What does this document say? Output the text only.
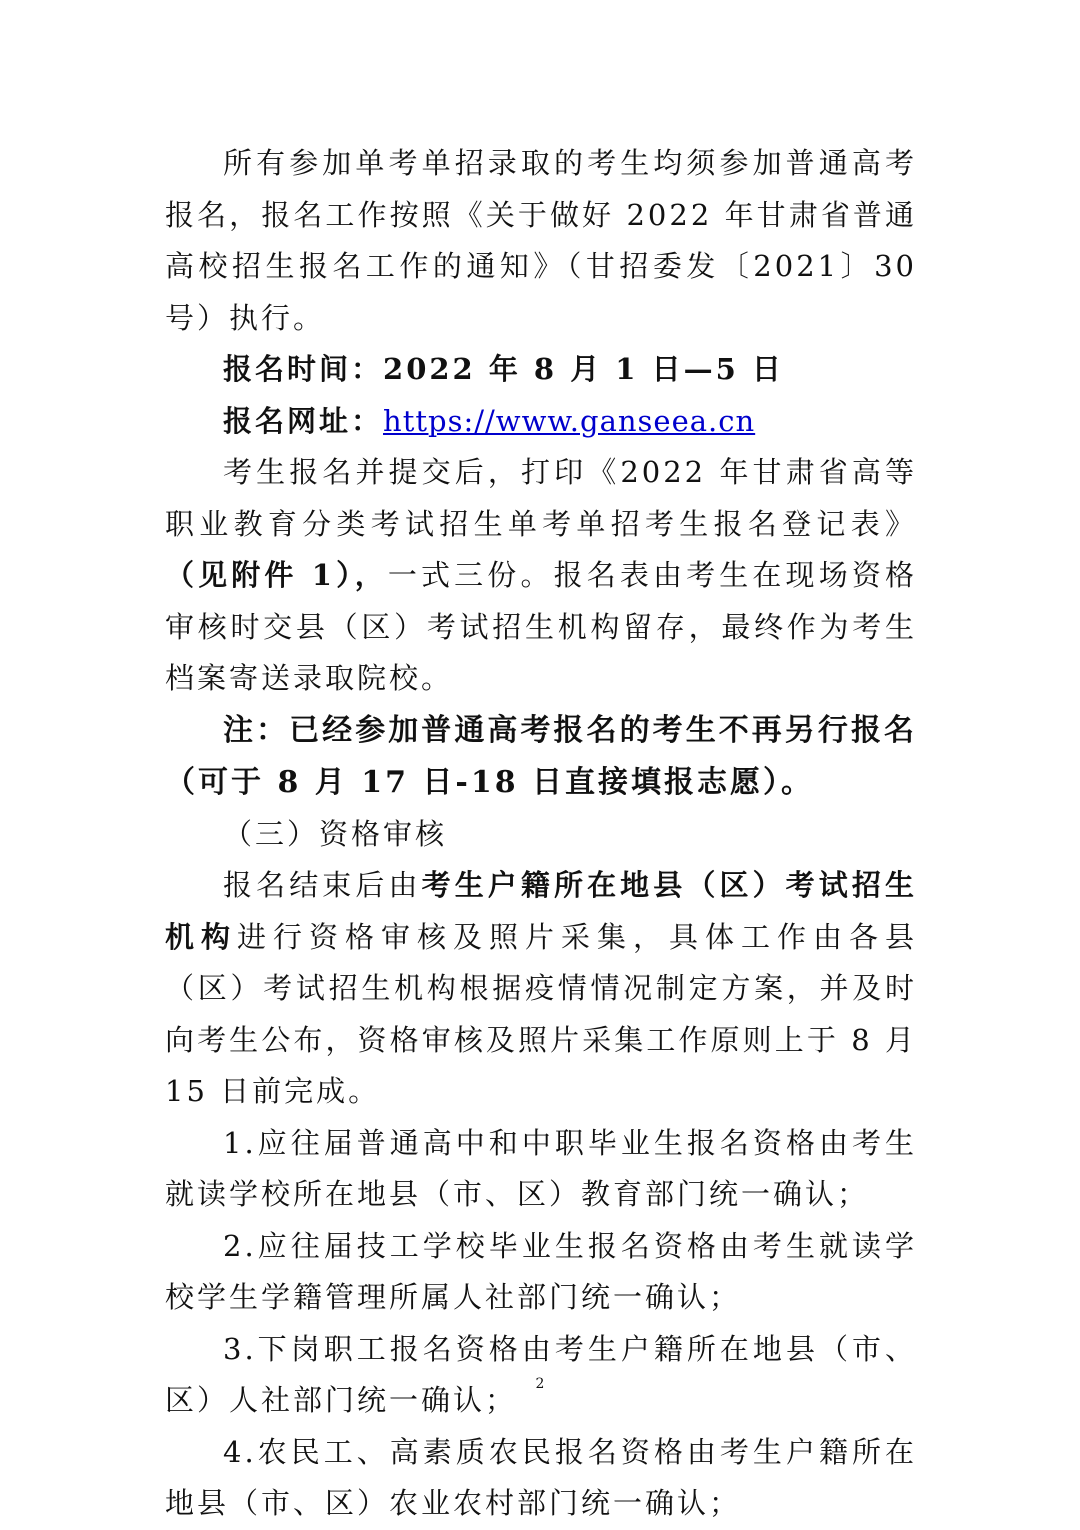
所有参加单考单招录取的考生均须参加普通高考报名，报名工作按照《关于做好 2022 年甘肃省普通高校招生报名工作的通知》（甘招委发〔2021〕30 号）执行。

报名时间：2022 年 8 月 1 日—5 日

报名网址：https://www.ganseea.cn

考生报名并提交后，打印《2022 年甘肃省高等职业教育分类考试招生单考单招考生报名登记表》（见附件 1），一式三份。报名表由考生在现场资格审核时交县（区）考试招生机构留存，最终作为考生档案寄送录取院校。

注：已经参加普通高考报名的考生不再另行报名（可于 8 月 17 日-18 日直接填报志愿）。

（三）资格审核

报名结束后由考生户籍所在地县（区）考试招生机构进行资格审核及照片采集，具体工作由各县（区）考试招生机构根据疫情情况制定方案，并及时向考生公布，资格审核及照片采集工作原则上于 8 月 15 日前完成。

1.应往届普通高中和中职毕业生报名资格由考生就读学校所在地县（市、区）教育部门统一确认；

2.应往届技工学校毕业生报名资格由考生就读学校学生学籍管理所属人社部门统一确认；

3.下岗职工报名资格由考生户籍所在地县（市、区）人社部门统一确认；

4.农民工、高素质农民报名资格由考生户籍所在地县（市、区）农业农村部门统一确认；

2
